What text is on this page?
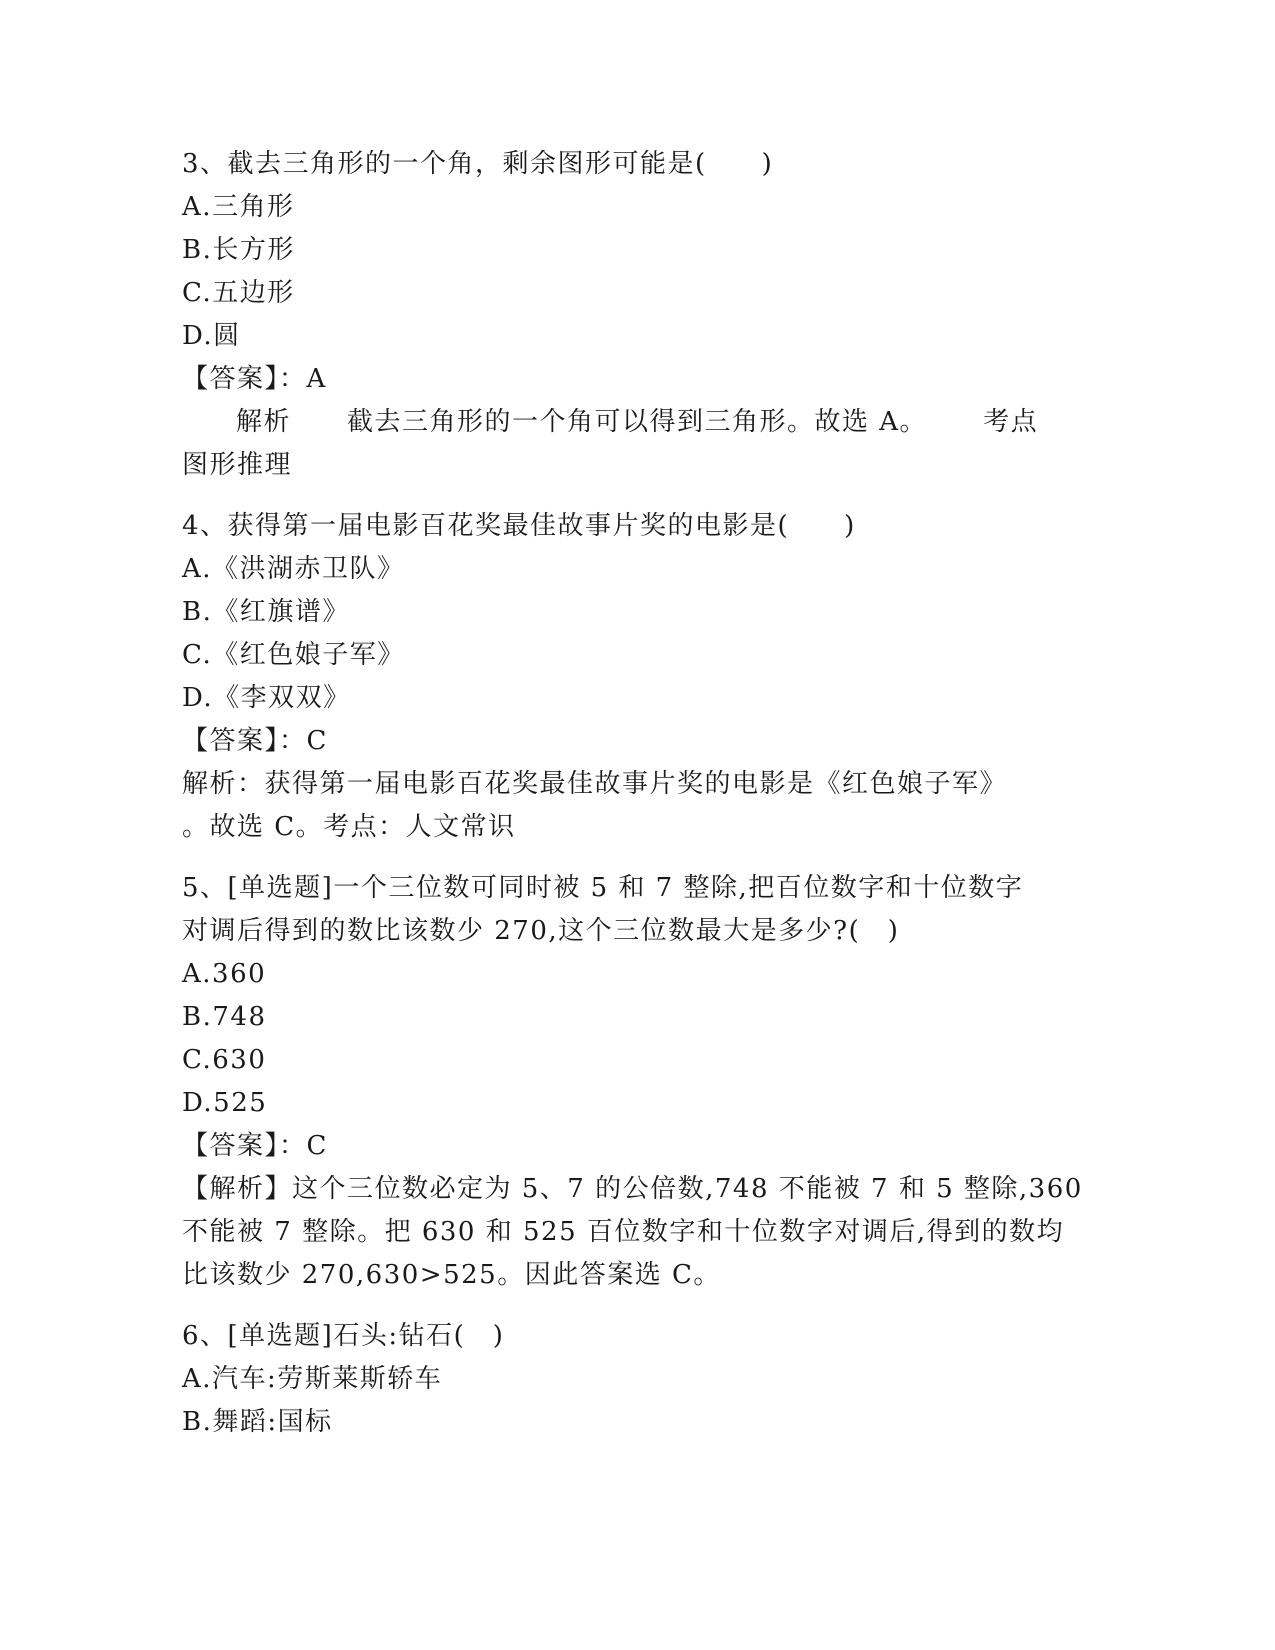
3、截去三角形的一个角，剩余图形可能是(　　)
A.三角形
B.长方形
C.五边形
D.圆
【答案】：A
解析 截去三角形的一个角可以得到三角形。故选 A。 考点
图形推理
4、获得第一届电影百花奖最佳故事片奖的电影是(　　)
A.《洪湖赤卫队》
B.《红旗谱》
C.《红色娘子军》
D.《李双双》
【答案】：C
解析：获得第一届电影百花奖最佳故事片奖的电影是《红色娘子军》
。故选 C。考点：人文常识
5、[单选题]一个三位数可同时被 5 和 7 整除,把百位数字和十位数字
对调后得到的数比该数少 270,这个三位数最大是多少?(　)
A.360
B.748
C.630
D.525
【答案】：C
【解析】这个三位数必定为 5、7 的公倍数,748 不能被 7 和 5 整除,360
不能被 7 整除。把 630 和 525 百位数字和十位数字对调后,得到的数均
比该数少 270,630>525。因此答案选 C。
6、[单选题]石头:钻石(　)
A.汽车:劳斯莱斯轿车
B.舞蹈:国标
